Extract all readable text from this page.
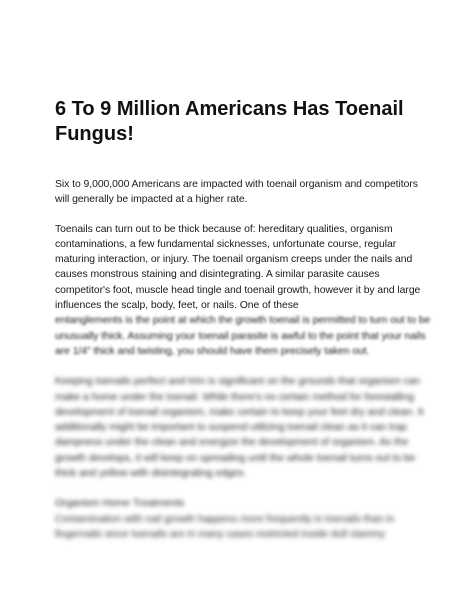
6 To 9 Million Americans Has Toenail Fungus!

Six to 9,000,000 Americans are impacted with toenail organism and competitors will generally be impacted at a higher rate.

Toenails can turn out to be thick because of: hereditary qualities, organism contaminations, a few fundamental sicknesses, unfortunate course, regular maturing interaction, or injury. The toenail organism creeps under the nails and causes monstrous staining and disintegrating. A similar parasite causes competitor's foot, muscle head tingle and toenail growth, however it by and large influences the scalp, body, feet, or nails. One of these

entanglements is the point at which the growth toenail is permitted to turn out to be unusually thick. Assuming your toenail parasite is awful to the point that your nails are 1/4" thick and twisting, you should have them precisely taken out.

Keeping toenails perfect and trim is significant on the grounds that organism can make a home under the toenail. While there's no certain method for forestalling development of toenail organism, make certain to keep your feet dry and clean. It additionally might be important to suspend utilizing toenail clean as it can trap dampness under the clean and energize the development of organism. As the growth develops, it will keep on spreading until the whole toenail turns out to be thick and yellow with disintegrating edges.

Organism Home Treatments

Contamination with nail growth happens more frequently in toenails than in fingernails since toenails are in many cases restricted inside dull clammy
